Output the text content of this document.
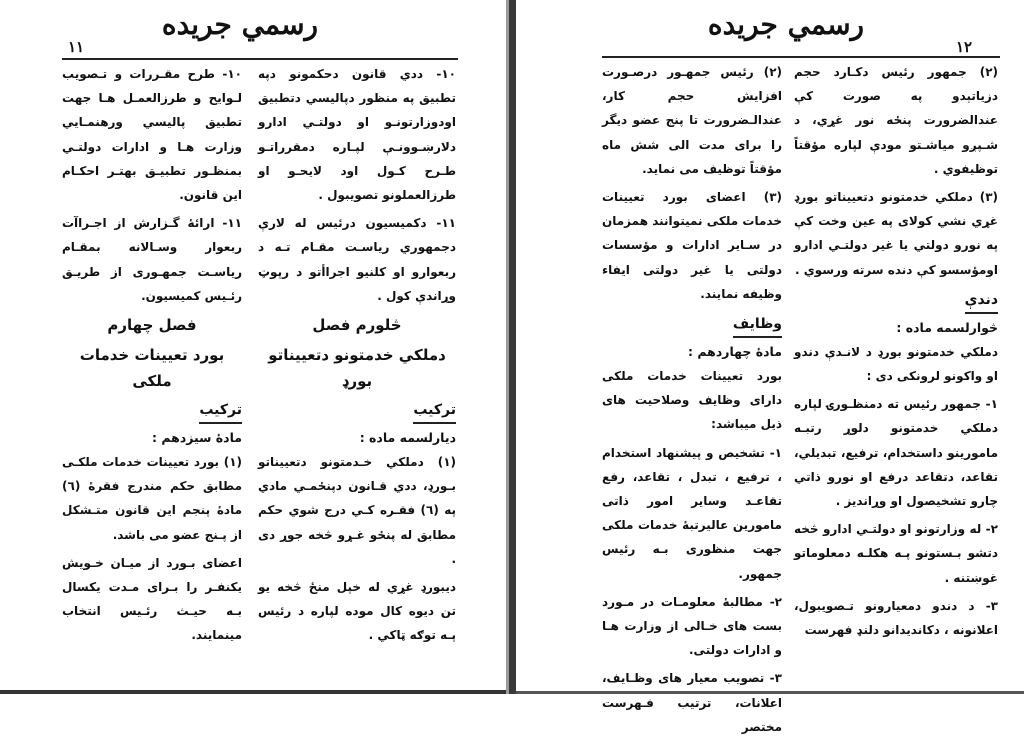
رسمي جريده
١١

١٠- ددي قانون دحکمونو دپه تطبيق په منظور دپاليسي دتطبيق اودوزارتونـو او دولتـي ادارو دلارښـوونـې لپـاره دمقرراتـو طـرح کـول اود لايحـو او طرزالعملونو تصويبول .

١١- دکميسيون درئيس له لارې دجمهوري رياسـت مقـام تـه د ربعوارو او کلنيو اجراأتو د رپوټ وړاندې کول .

څلورم فصل
دملکي خدمتونو دتعييناتو بورډ
ترکيب
ديارلسمه ماده :

(١) دملکي خـدمتونو دتعييناتو بـورډ، ددي قـانون دپنځمـي مادي په (٦) فقـره کـي درج شوي حکم مطابق له پنځو غـړو څخه جوړ دی .

ديبورډ غړي له خپل منځ څخه يو تن دیوه کال موده لپاره د رئيس پـه توګه ټاکي .

١٠- طرح مقـررات و تـصويب لـوايح و طرزالعمـل هـا جهت تطبيق پاليسي ورهنمـايي وزارت هـا و ادارات دولتـي بمنظـور تطبيـق بهتـر احکـام اين قانون.

١١- ارائهٔ گـزارش از اجـراآت ربعوار وسـالانه بمقـام رياسـت جمهـوری از طريـق رئـيس کميسيون.

فصل چهارم
بورد تعيينات خدمات ملکی
ترکيب
مادهٔ سيزدهم :

(١) بورد تعيينات خدمات ملکـی مطابق حکم مندرج فقرهٔ (٦) مادهٔ پنجم اين قانون متـشکل از پـنج عضو می باشد.

اعضای بـورد از ميـان خـويش يکنفـر را بـرای مـدت يکسال بـه حيـث رئـيس انتخاب مينمايند.

رسمي جريده
١٢

(٢) جمهور رئيس دکـارد حجم دزياتېدو په صورت کې عندالضرورت پنځه نور غړي، د شـپږو مياشـتو مودې لپاره مؤقتاً توظيفوي .

(٣) دملکي خدمتونو دتعييناتو بورډ غړي نشي کولای په عين وخت کې په نورو دولتي يا غير دولتـي ادارو اومؤسسو کې دنده سرته ورسوي .

دندې
څوارلسمه ماده :

دملکي خدمتونو بورډ د لانـدې دندو او واکونو لرونکی دی :

١- جمهور رئيس ته دمنظـورۍ لپاره دملکي خدمتونو دلوړ رتبـه مامورينو داستخدام، ترفيع، تبديلي، تقاعد، دتقاعد درفع او نورو ذاتي چارو تشخيصول او وړانديز .

٢- له وزارتونو او دولتـي ادارو څخه دتشو بـستونو پـه هکلـه دمعلوماتو غوښتنه .

٣- د دندو دمعيارونو تـصويبول، اعلانونه ، دکانديدانو دلنډ فهرست

(٢) رئيس جمهـور درصـورت افزايش حجم کار، عندالـضرورت تا پنج عضو ديگر را برای مدت الی شش ماه مؤقتاً توظيف می نمايد.

(٣) اعضای بورد تعيينات خدمات ملکی نميتوانند همزمان در سـاير ادارات و مؤسسات دولتی يا غير دولتی ايفاء وظيفه نمايند.

وظايف
مادهٔ چهاردهم :

بورد تعيينات خدمات ملکی دارای وظايف وصلاحيت های ذيل ميباشد:

١- تشخيص و پيشنهاد استخدام ، ترفيع ، تبدل ، تقاعد، رفع تقاعـد وساير امور ذاتی مامورين عاليرتبهٔ خدمات ملکی جهت منظوری بـه رئيس جمهور.

٢- مطالبهٔ معلومـات در مـورد بست های خـالی از وزارت هـا و ادارات دولتی.

٣- تصويب معيار های وظـايف، اعلانات، ترتيب فـهرست مختصر
